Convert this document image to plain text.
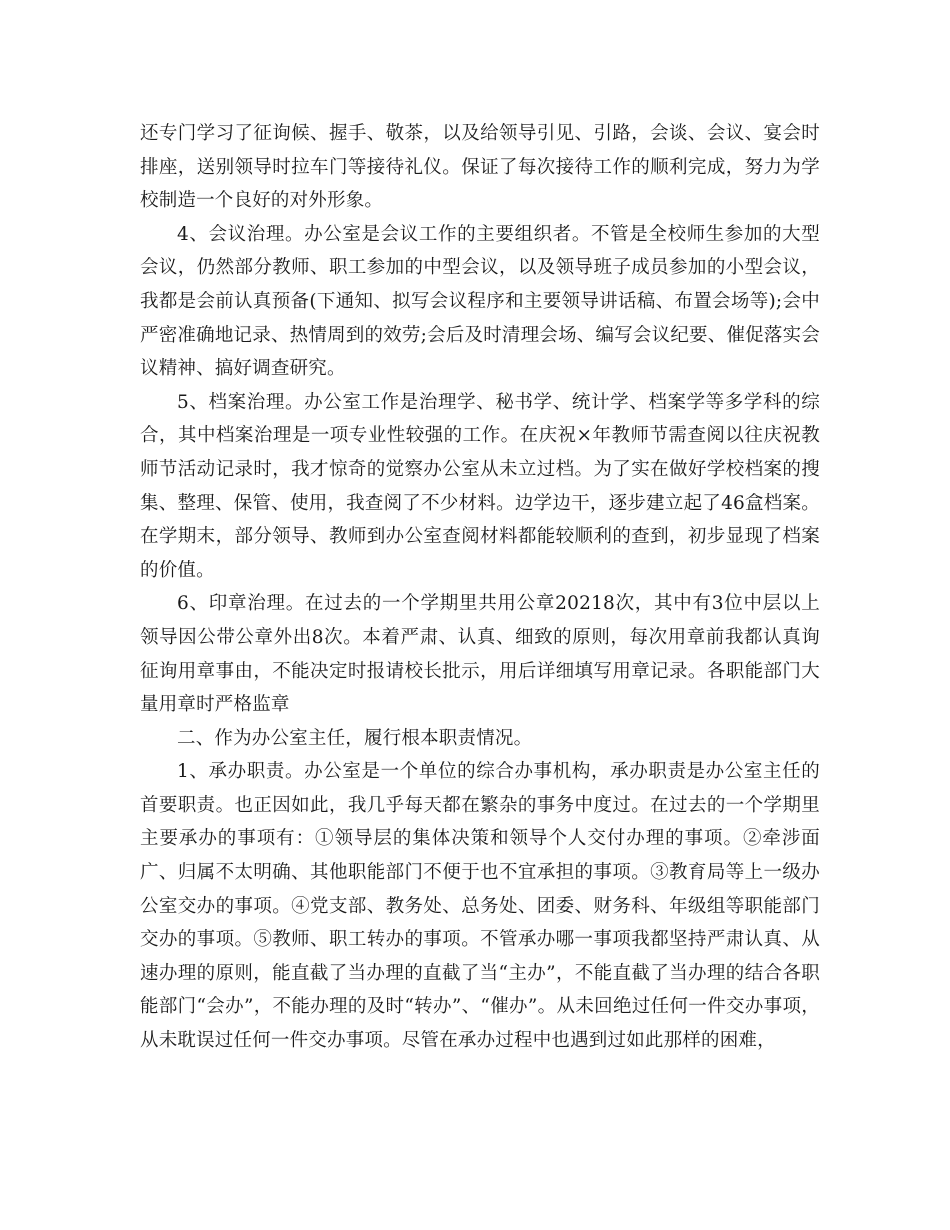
还专门学习了征询候、握手、敬茶，以及给领导引见、引路，会谈、会议、宴会时排座，送别领导时拉车门等接待礼仪。保证了每次接待工作的顺利完成，努力为学校制造一个良好的对外形象。

4、会议治理。办公室是会议工作的主要组织者。不管是全校师生参加的大型会议，仍然部分教师、职工参加的中型会议，以及领导班子成员参加的小型会议，我都是会前认真预备(下通知、拟写会议程序和主要领导讲话稿、布置会场等);会中严密准确地记录、热情周到的效劳;会后及时清理会场、编写会议纪要、催促落实会议精神、搞好调查研究。

5、档案治理。办公室工作是治理学、秘书学、统计学、档案学等多学科的综合，其中档案治理是一项专业性较强的工作。在庆祝×年教师节需查阅以往庆祝教师节活动记录时，我才惊奇的觉察办公室从未立过档。为了实在做好学校档案的搜集、整理、保管、使用，我查阅了不少材料。边学边干，逐步建立起了46盒档案。在学期末，部分领导、教师到办公室查阅材料都能较顺利的查到，初步显现了档案的价值。

6、印章治理。在过去的一个学期里共用公章20218次，其中有3位中层以上领导因公带公章外出8次。本着严肃、认真、细致的原则，每次用章前我都认真询征询用章事由，不能决定时报请校长批示，用后详细填写用章记录。各职能部门大量用章时严格监章

二、作为办公室主任，履行根本职责情况。

1、承办职责。办公室是一个单位的综合办事机构，承办职责是办公室主任的首要职责。也正因如此，我几乎每天都在繁杂的事务中度过。在过去的一个学期里主要承办的事项有：①领导层的集体决策和领导个人交付办理的事项。②牵涉面广、归属不太明确、其他职能部门不便于也不宜承担的事项。③教育局等上一级办公室交办的事项。④党支部、教务处、总务处、团委、财务科、年级组等职能部门交办的事项。⑤教师、职工转办的事项。不管承办哪一事项我都坚持严肃认真、从速办理的原则，能直截了当办理的直截了当“主办”，不能直截了当办理的结合各职能部门“会办”，不能办理的及时“转办”、“催办”。从未回绝过任何一件交办事项，从未耽误过任何一件交办事项。尽管在承办过程中也遇到过如此那样的困难，
